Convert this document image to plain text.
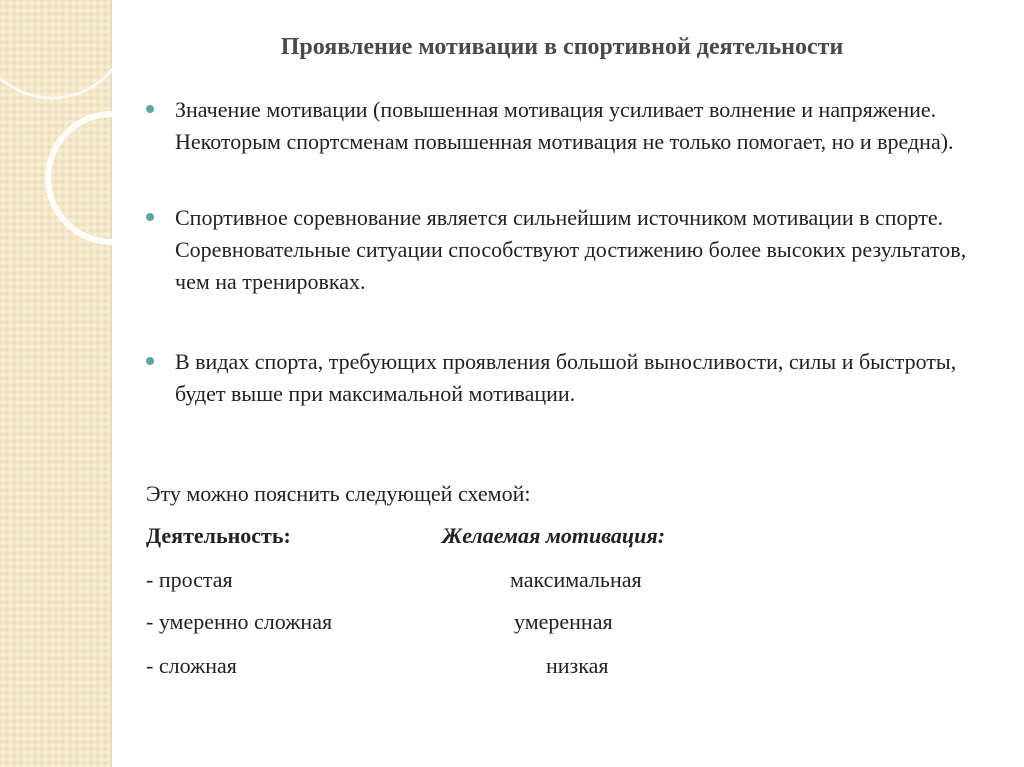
Проявление мотивации в спортивной деятельности
Значение мотивации (повышенная мотивация усиливает волнение и напряжение. Некоторым спортсменам повышенная мотивация не только помогает, но и вредна).
Спортивное соревнование является сильнейшим источником мотивации в спорте. Соревновательные ситуации способствуют достижению более высоких результатов, чем на тренировках.
В видах спорта, требующих проявления большой выносливости, силы и быстроты, будет выше при максимальной мотивации.
Эту можно пояснить следующей схемой:
Деятельность:	Желаемая мотивация:
- простая	максимальная
- умеренно сложная	умеренная
- сложная	низкая
